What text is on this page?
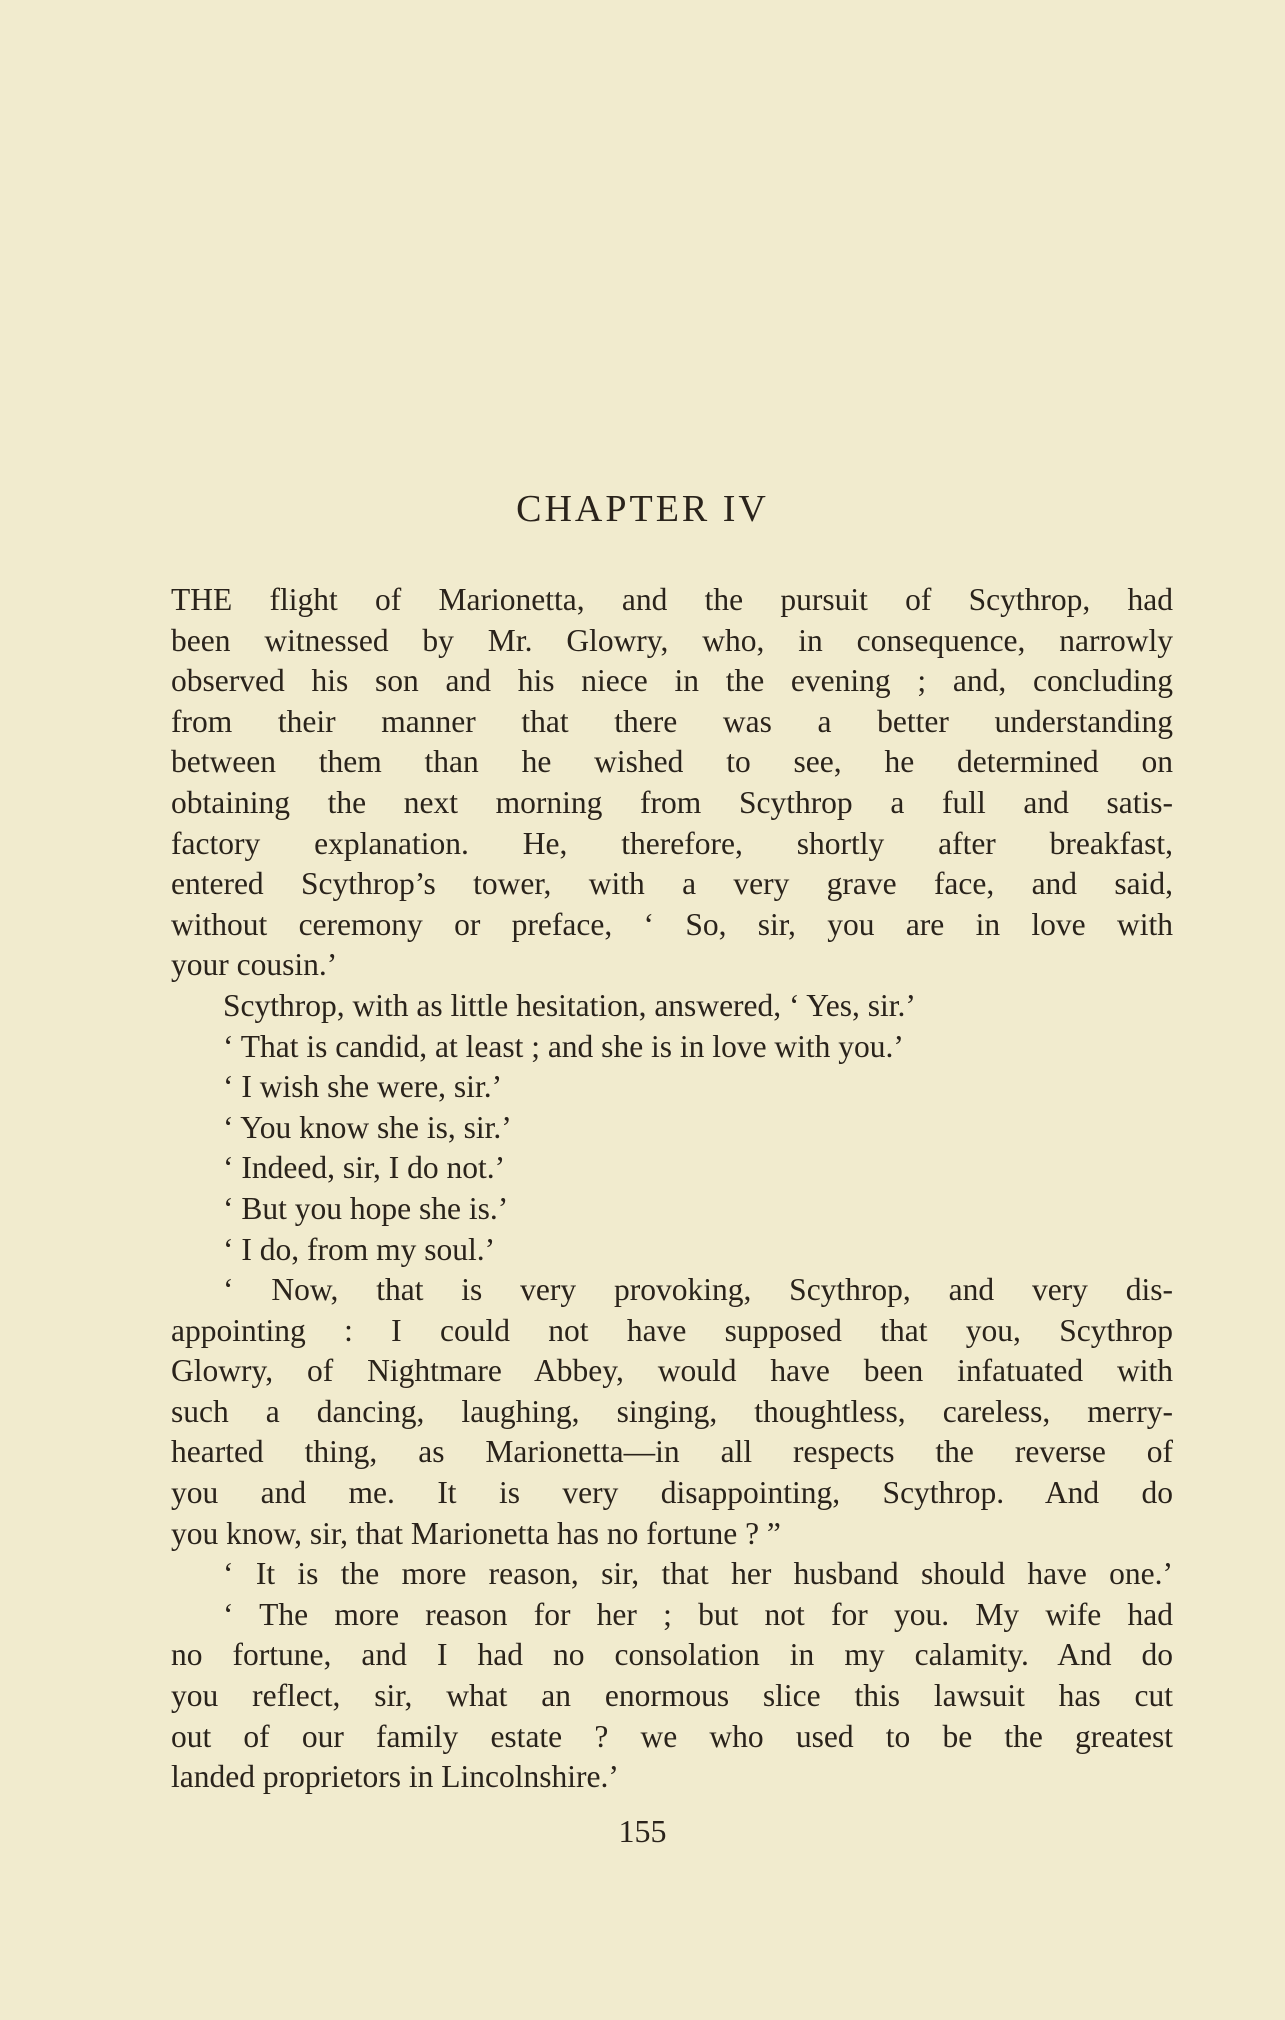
CHAPTER IV
THE flight of Marionetta, and the pursuit of Scythrop, had
been witnessed by Mr. Glowry, who, in consequence, narrowly
observed his son and his niece in the evening ; and, concluding
from their manner that there was a better understanding
between them than he wished to see, he determined on
obtaining the next morning from Scythrop a full and satis-
factory explanation. He, therefore, shortly after breakfast,
entered Scythrop’s tower, with a very grave face, and said,
without ceremony or preface, ‘ So, sir, you are in love with
your cousin.’
Scythrop, with as little hesitation, answered, ‘ Yes, sir.’
‘ That is candid, at least ; and she is in love with you.’
‘ I wish she were, sir.’
‘ You know she is, sir.’
‘ Indeed, sir, I do not.’
‘ But you hope she is.’
‘ I do, from my soul.’
‘ Now, that is very provoking, Scythrop, and very dis-
appointing : I could not have supposed that you, Scythrop
Glowry, of Nightmare Abbey, would have been infatuated with
such a dancing, laughing, singing, thoughtless, careless, merry-
hearted thing, as Marionetta—in all respects the reverse of
you and me. It is very disappointing, Scythrop. And do
you know, sir, that Marionetta has no fortune ? ”
‘ It is the more reason, sir, that her husband should have one.’
‘ The more reason for her ; but not for you. My wife had
no fortune, and I had no consolation in my calamity. And do
you reflect, sir, what an enormous slice this lawsuit has cut
out of our family estate ? we who used to be the greatest
landed proprietors in Lincolnshire.’
155
